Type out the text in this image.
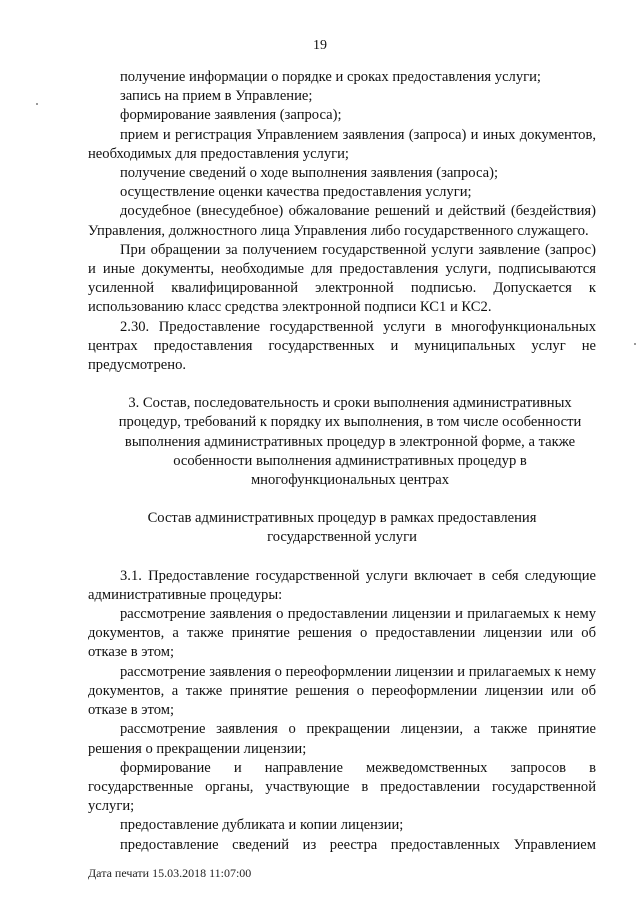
19

получение информации о порядке и сроках предоставления услуги;

запись на прием в Управление;

формирование заявления (запроса);

прием и регистрация Управлением заявления (запроса) и иных документов, необходимых для предоставления услуги;

получение сведений о ходе выполнения заявления (запроса);

осуществление оценки качества предоставления услуги;

досудебное (внесудебное) обжалование решений и действий (бездействия) Управления, должностного лица Управления либо государственного служащего.

При обращении за получением государственной услуги заявление (запрос) и иные документы, необходимые для предоставления услуги, подписываются усиленной квалифицированной электронной подписью. Допускается к использованию класс средства электронной подписи КС1 и КС2.

2.30. Предоставление государственной услуги в многофункциональных центрах предоставления государственных и муниципальных услуг не предусмотрено.

3. Состав, последовательность и сроки выполнения административных процедур, требований к порядку их выполнения, в том числе особенности выполнения административных процедур в электронной форме, а также особенности выполнения административных процедур в многофункциональных центрах

Состав административных процедур в рамках предоставления государственной услуги

3.1. Предоставление государственной услуги включает в себя следующие административные процедуры:

рассмотрение заявления о предоставлении лицензии и прилагаемых к нему документов, а также принятие решения о предоставлении лицензии или об отказе в этом;

рассмотрение заявления о переоформлении лицензии и прилагаемых к нему документов, а также принятие решения о переоформлении лицензии или об отказе в этом;

рассмотрение заявления о прекращении лицензии, а также принятие решения о прекращении лицензии;

формирование и направление межведомственных запросов в государственные органы, участвующие в предоставлении государственной услуги;

предоставление дубликата и копии лицензии;

предоставление сведений из реестра предоставленных Управлением

Дата печати 15.03.2018 11:07:00
